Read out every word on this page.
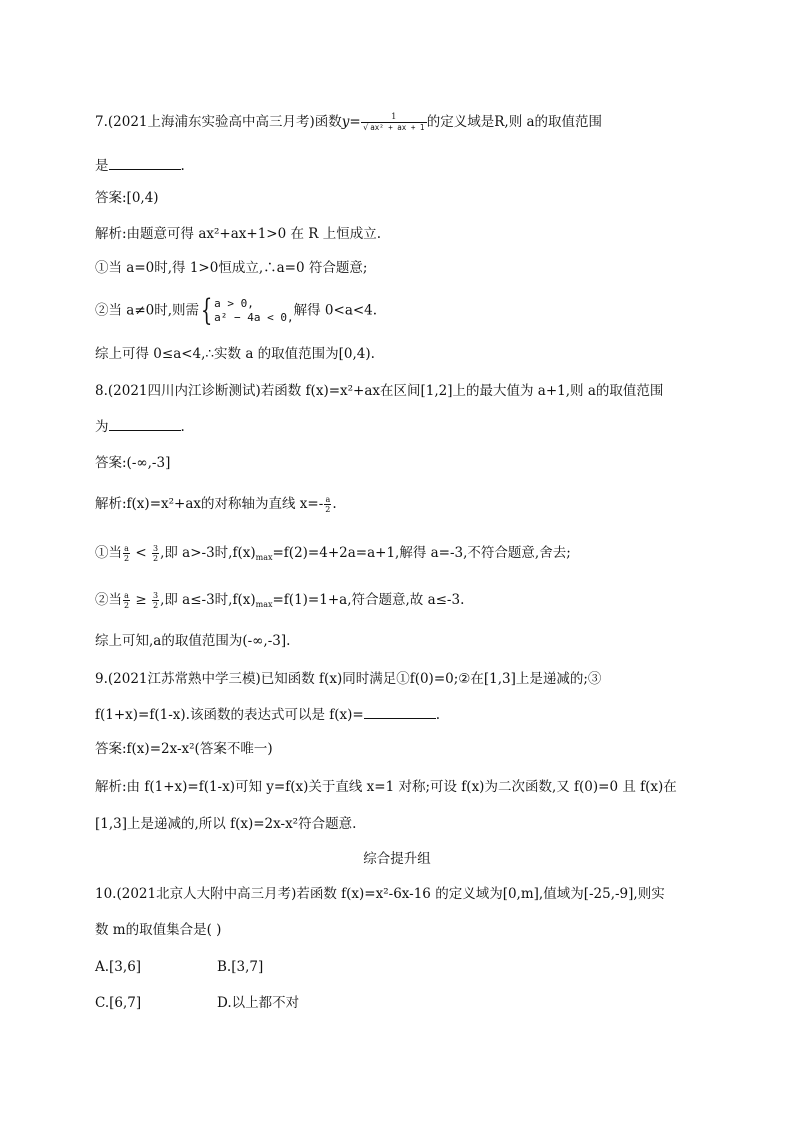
7.(2021上海浦东实验高中高三月考)函数$y= \frac{1}{\text{√ ax² + ax + 1}}$ 的定义域是R,则 a的取值范围
是	.
答案:[0,4)
解析:由题意可得 ax²+ax+1>0 在 R 上恒成立.
①当 a=0时,得 1>0恒成立,∴a=0 符合题意;
②当 a≠0时,则需{ a > 0,
a² − 4a < 0, 解得 0<a<4.
综上可得 0≤a<4,∴实数 a 的取值范围为[0,4).
8.(2021四川内江诊断测试)若函数 f(x)=x²+ax在区间[1,2]上的最大值为 a+1,则 a的取值范围
为	.
答案:(-∞,-3]
解析:f(x)=x²+ax的对称轴为直线 $x=- \frac{a}{2}$ .
①当 $\frac{a}{2} < \frac{3}{2}$ ,即 a>-3时$,f(x)_{max}=f(2)=4+2a=a+1$,解得 a=-3,不符合题意,舍去;
②当 $\frac{a}{2} \ge \frac{3}{2}$ ,即 a≤-3时$,f(x)_{max}=f(1)=1+a$,符合题意,故 a≤-3.
综上可知,a的取值范围为(-∞,-3].
9.(2021江苏常熟中学三模)已知函数 f(x)同时满足①f(0)=0;②在[1,3]上是递减的;③
f(1+x)=f(1-x).该函数的表达式可以是 f(x)=	.
答案:f(x)=2x-x²(答案不唯一)
解析:由 f(1+x)=f(1-x)可知 y=f(x)关于直线 x=1 对称;可设 f(x)为二次函数,又 f(0)=0 且 f(x)在
[1,3]上是递减的,所以 f(x)=2x-x²符合题意.
综合提升组
10.(2021北京人大附中高三月考)若函数 f(x)=x²-6x-16 的定义域为[0,m],值域为[-25,-9],则实
数 m的取值集合是( )
A.[3,6]	B.[3,7]
C.[6,7]	D.以上都不对
